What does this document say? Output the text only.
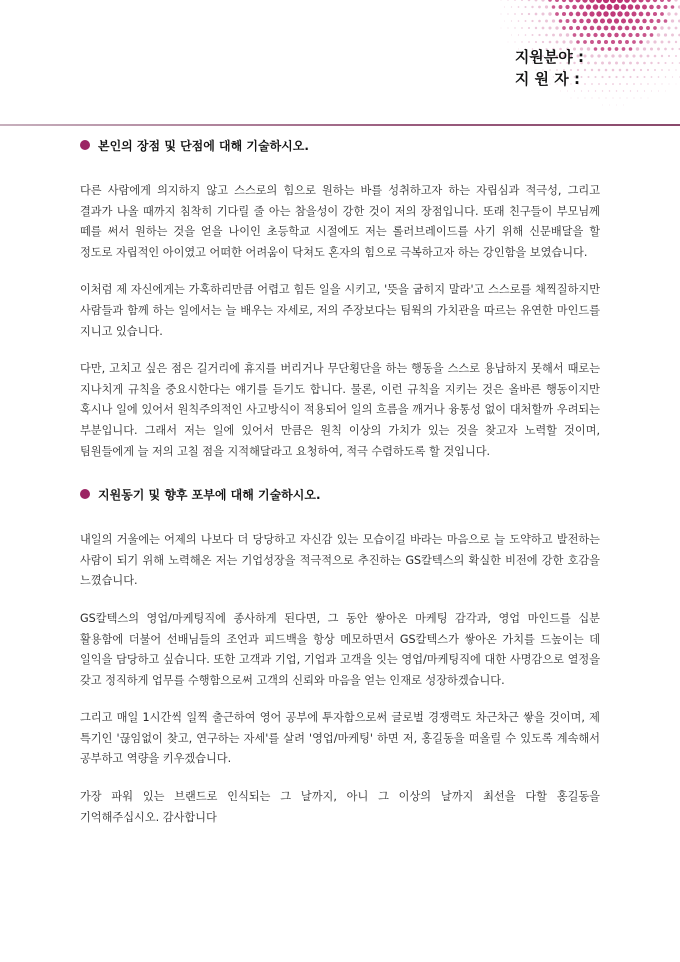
지원분야 :
지 원 자 :
본인의 장점 및 단점에 대해 기술하시오.

다른 사람에게 의지하지 않고 스스로의 힘으로 원하는 바를 성취하고자 하는 자립심과 적극성, 그리고 결과가 나올 때까지 침착히 기다릴 줄 아는 참을성이 강한 것이 저의 장점입니다. 또래 친구들이 부모님께 떼를 써서 원하는 것을 얻을 나이인 초등학교 시절에도 저는 롤러브레이드를 사기 위해 신문배달을 할 정도로 자립적인 아이였고 어떠한 어려움이 닥쳐도 혼자의 힘으로 극복하고자 하는 강인함을 보였습니다.

이처럼 제 자신에게는 가혹하리만큼 어렵고 힘든 일을 시키고, '뜻을 굽히지 말라'고 스스로를 채찍질하지만 사람들과 함께 하는 일에서는 늘 배우는 자세로, 저의 주장보다는 팀웍의 가치관을 따르는 유연한 마인드를 지니고 있습니다.

다만, 고치고 싶은 점은 길거리에 휴지를 버리거나 무단횡단을 하는 행동을 스스로 용납하지 못해서 때로는 지나치게 규칙을 중요시한다는 얘기를 듣기도 합니다. 물론, 이런 규칙을 지키는 것은 올바른 행동이지만 혹시나 일에 있어서 원칙주의적인 사고방식이 적용되어 일의 흐름을 깨거나 융통성 없이 대처할까 우려되는 부분입니다. 그래서 저는 일에 있어서 만큼은 원칙 이상의 가치가 있는 것을 찾고자 노력할 것이며, 팀원들에게 늘 저의 고칠 점을 지적해달라고 요청하여, 적극 수렴하도록 할 것입니다.

지원동기 및 향후 포부에 대해 기술하시오.

내일의 거울에는 어제의 나보다 더 당당하고 자신감 있는 모습이길 바라는 마음으로 늘 도약하고 발전하는 사람이 되기 위해 노력해온 저는 기업성장을 적극적으로 추진하는 GS칼텍스의 확실한 비전에 강한 호감을 느꼈습니다.

GS칼텍스의 영업/마케팅직에 종사하게 된다면, 그 동안 쌓아온 마케팅 감각과, 영업 마인드를 십분 활용함에 더불어 선배님들의 조언과 피드백을 항상 메모하면서 GS칼텍스가 쌓아온 가치를 드높이는 데 일익을 담당하고 싶습니다. 또한 고객과 기업, 기업과 고객을 잇는 영업/마케팅직에 대한 사명감으로 열정을 갖고 정직하게 업무를 수행함으로써 고객의 신뢰와 마음을 얻는 인재로 성장하겠습니다.

그리고 매일 1시간씩 일찍 출근하여 영어 공부에 투자함으로써 글로벌 경쟁력도 차근차근 쌓을 것이며, 제 특기인 '끊임없이 찾고, 연구하는 자세'를 살려 '영업/마케팅' 하면 저, 홍길동을 떠올릴 수 있도록 계속해서 공부하고 역량을 키우겠습니다.

가장 파워 있는 브랜드로 인식되는 그 날까지, 아니 그 이상의 날까지 최선을 다할 홍길동을 기억해주십시오. 감사합니다
